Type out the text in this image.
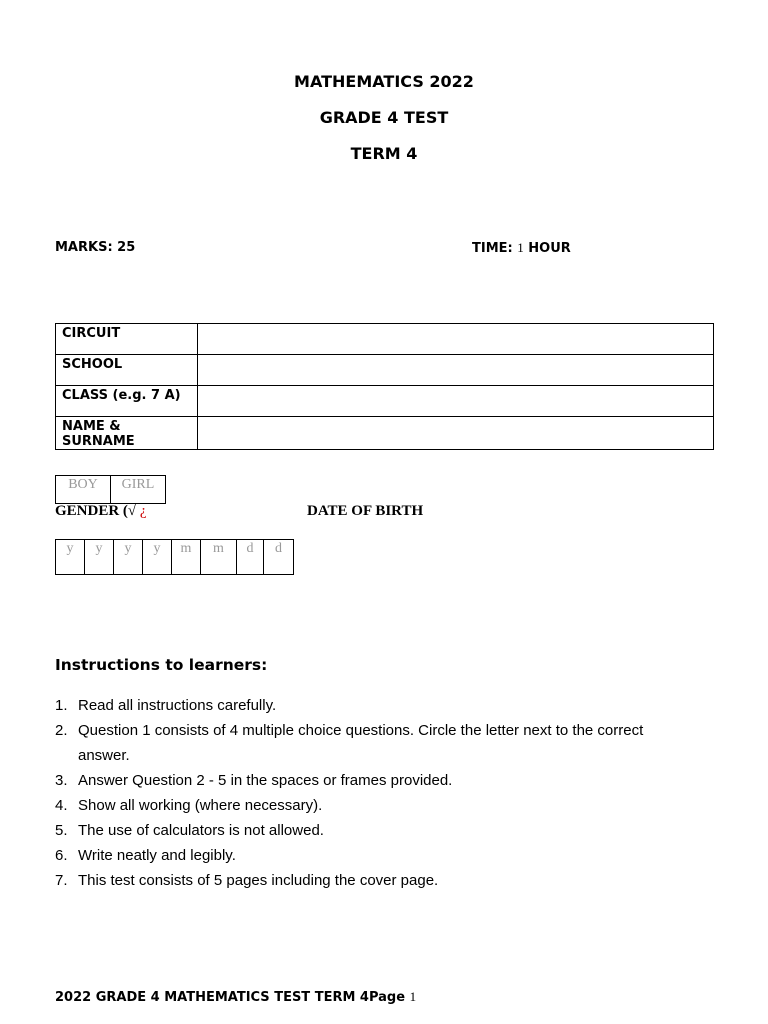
MATHEMATICS 2022
GRADE 4 TEST
TERM 4
MARKS: 25	TIME: 1 HOUR
CIRCUIT	
SCHOOL	
CLASS (e.g. 7 A)	
NAME & SURNAME	
BOY	GIRL
GENDER (√ ¿	DATE OF BIRTH
y	y	y	y	m	m	d	d
Instructions to learners:
1. Read all instructions carefully.
2. Question 1 consists of 4 multiple choice questions. Circle the letter next to the correct answer.
3. Answer Question 2 - 5 in the spaces or frames provided.
4. Show all working (where necessary).
5. The use of calculators is not allowed.
6. Write neatly and legibly.
7. This test consists of 5 pages including the cover page.
2022 GRADE 4 MATHEMATICS TEST TERM 4Page 1
